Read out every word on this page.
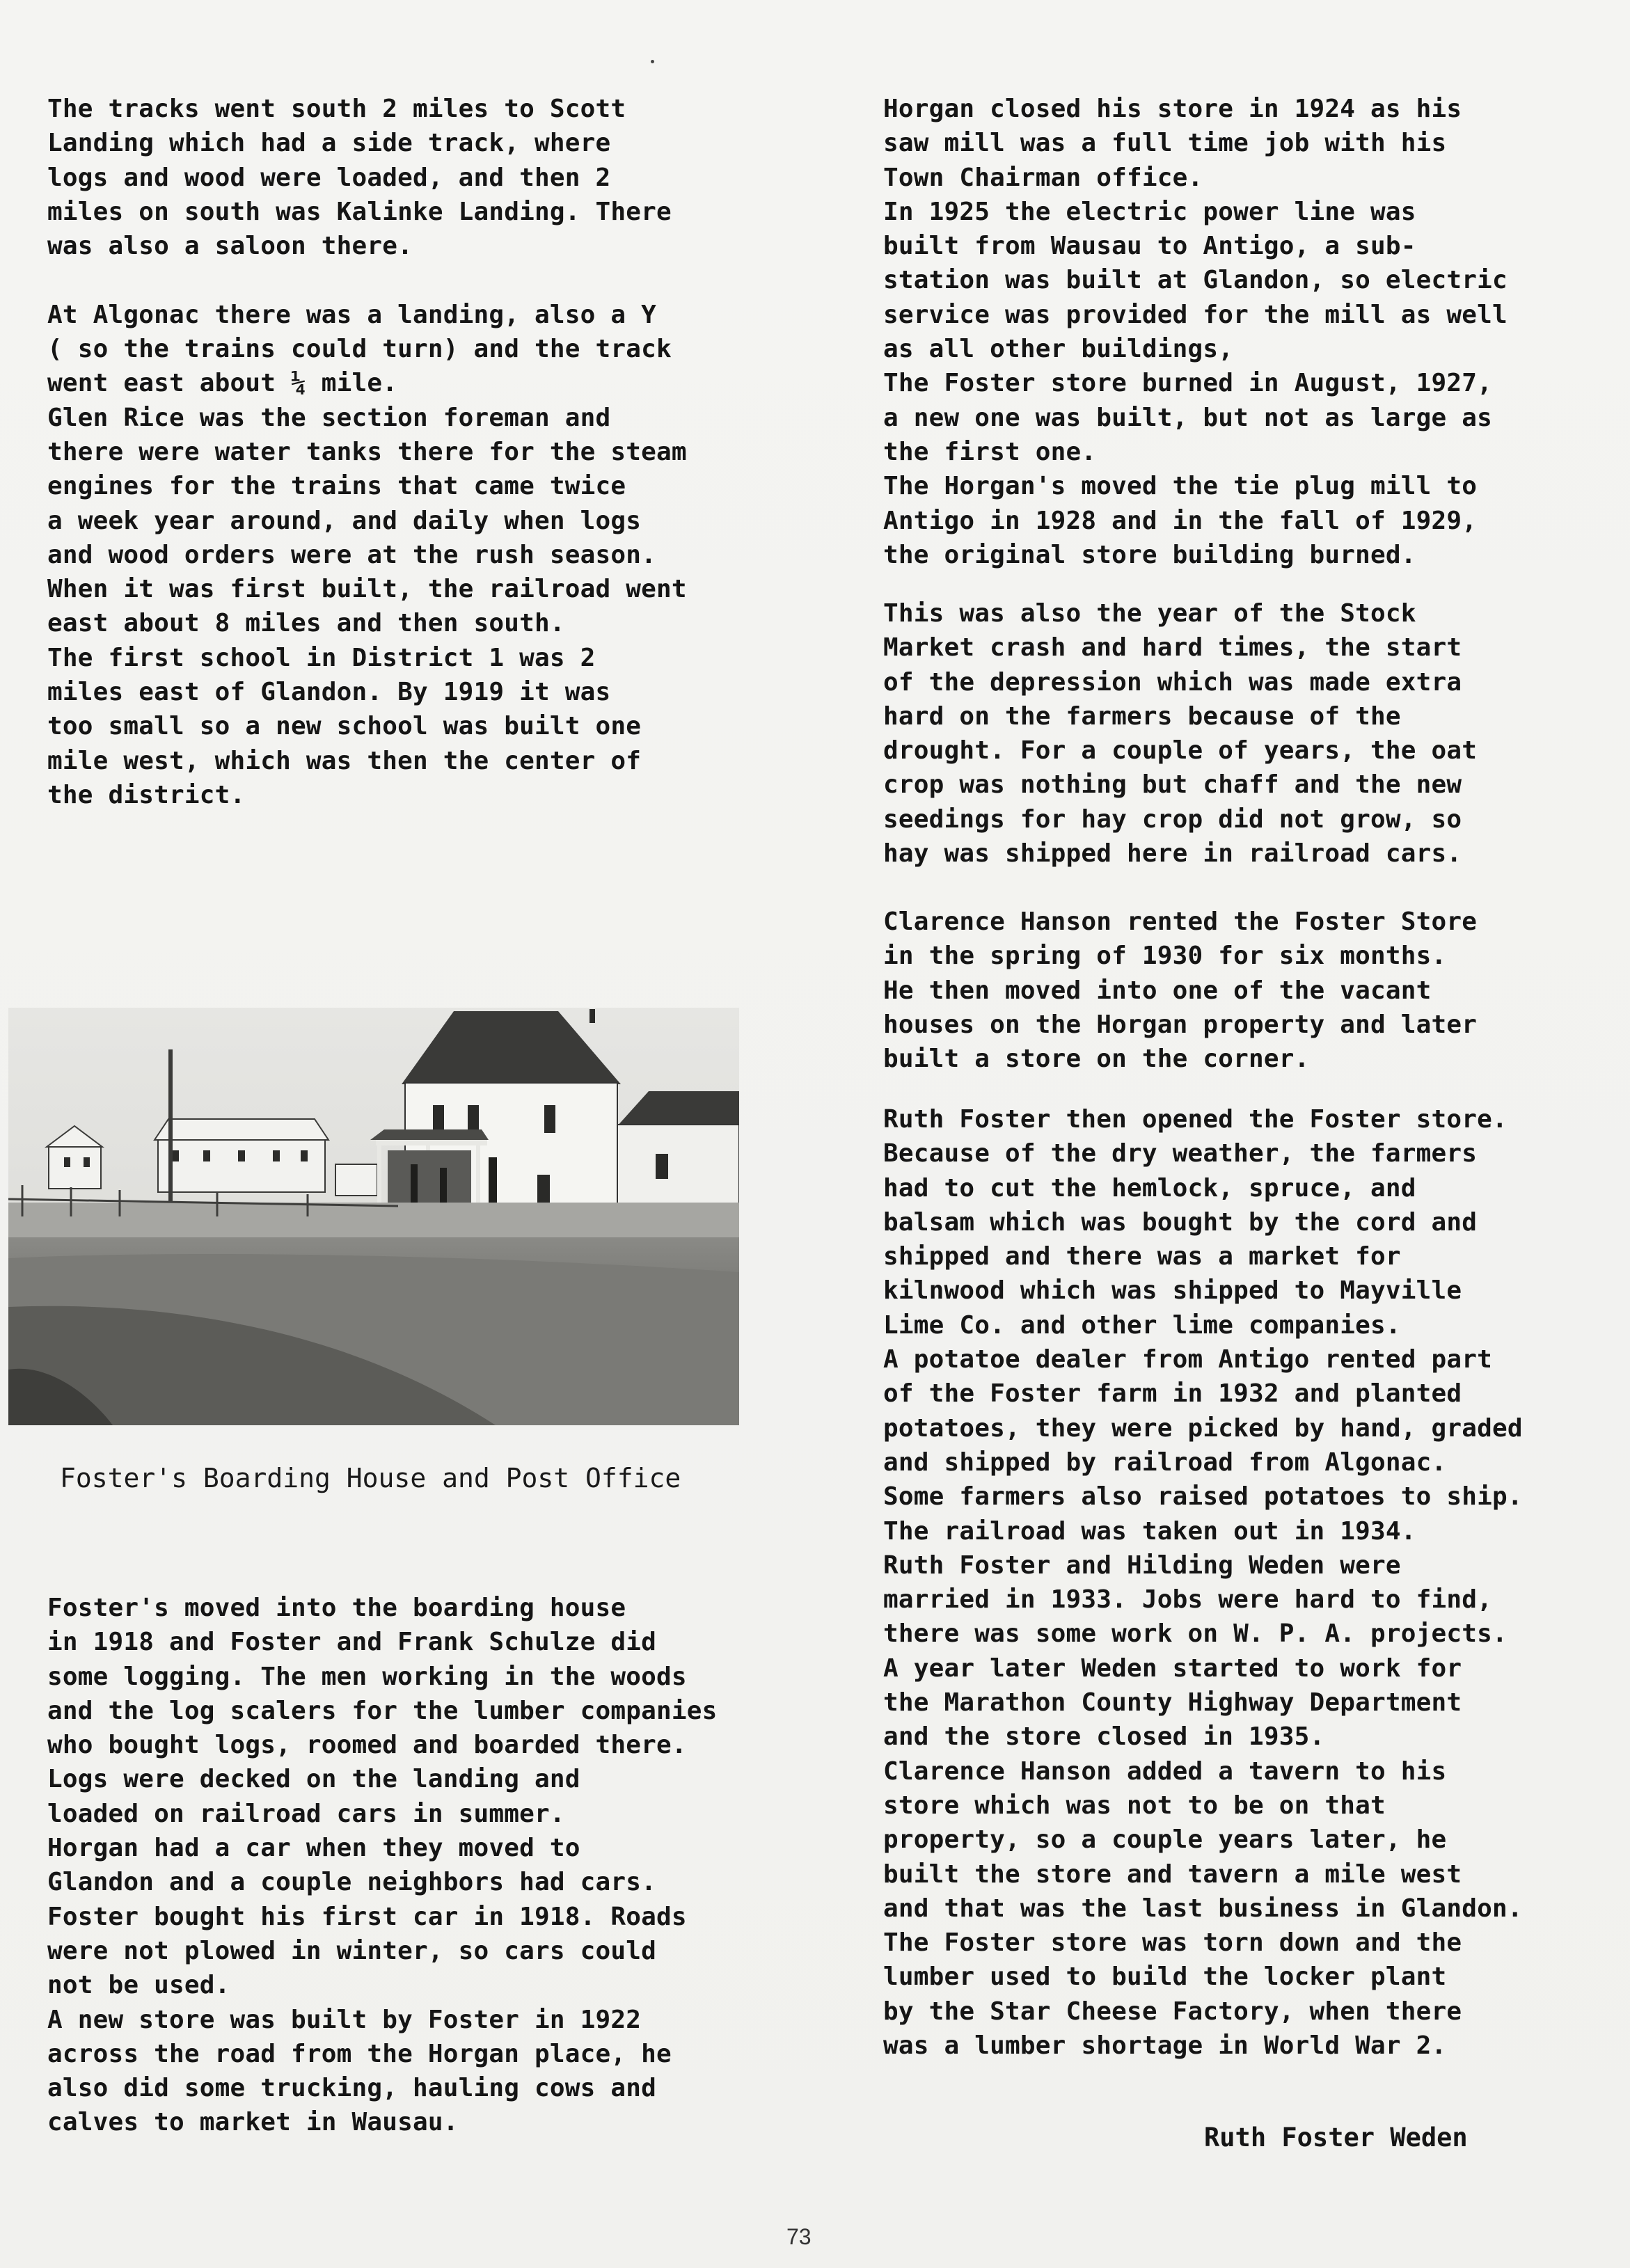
The tracks went south 2 miles to Scott

Landing which had a side track, where

logs and wood were loaded, and then 2

miles on south was Kalinke Landing. There

was also a saloon there.

At Algonac there was a landing, also a Y

( so the trains could turn) and the track

went east about ¼ mile.

Glen Rice was the section foreman and

there were water tanks there for the steam

engines for the trains that came twice

a week year around, and daily when logs

and wood orders were at the rush season.

When it was first built, the railroad went

east about 8 miles and then south.

The first school in District 1 was 2

miles east of Glandon. By 1919 it was

too small so a new school was built one

mile west, which was then the center of

the district.

Foster's Boarding House and Post Office

Foster's moved into the boarding house

in 1918 and Foster and Frank Schulze did

some logging. The men working in the woods

and the log scalers for the lumber companies

who bought logs, roomed and boarded there.

Logs were decked on the landing and

loaded on railroad cars in summer.

Horgan had a car when they moved to

Glandon and a couple neighbors had cars.

Foster bought his first car in 1918. Roads

were not plowed in winter, so cars could

not be used.

A new store was built by Foster in 1922

across the road from the Horgan place, he

also did some trucking, hauling cows and

calves to market in Wausau.

Horgan closed his store in 1924 as his

saw mill was a full time job with his

Town Chairman office.

In 1925 the electric power line was

built from Wausau to Antigo, a sub-

station was built at Glandon, so electric

service was provided for the mill as well

as all other buildings,

The Foster store burned in August, 1927,

a new one was built, but not as large as

the first one.

The Horgan's moved the tie plug mill to

Antigo in 1928 and in the fall of 1929,

the original store building burned.

This was also the year of the Stock

Market crash and hard times, the start

of the depression which was made extra

hard on the farmers because of the

drought. For a couple of years, the oat

crop was nothing but chaff and the new

seedings for hay crop did not grow, so

hay was shipped here in railroad cars.

Clarence Hanson rented the Foster Store

in the spring of 1930 for six months.

He then moved into one of the vacant

houses on the Horgan property and later

built a store on the corner.

Ruth Foster then opened the Foster store.

Because of the dry weather, the farmers

had to cut the hemlock, spruce, and

balsam which was bought by the cord and

shipped and there was a market for

kilnwood which was shipped to Mayville

Lime Co. and other lime companies.

A potatoe dealer from Antigo rented part

of the Foster farm in 1932 and planted

potatoes, they were picked by hand, graded

and shipped by railroad from Algonac.

Some farmers also raised potatoes to ship.

The railroad was taken out in 1934.

Ruth Foster and Hilding Weden were

married in 1933. Jobs were hard to find,

there was some work on W. P. A. projects.

A year later Weden started to work for

the Marathon County Highway Department

and the store closed in 1935.

Clarence Hanson added a tavern to his

store which was not to be on that

property, so a couple years later, he

built the store and tavern a mile west

and that was the last business in Glandon.

The Foster store was torn down and the

lumber used to build the locker plant

by the Star Cheese Factory, when there

was a lumber shortage in World War 2.

Ruth Foster Weden
73
